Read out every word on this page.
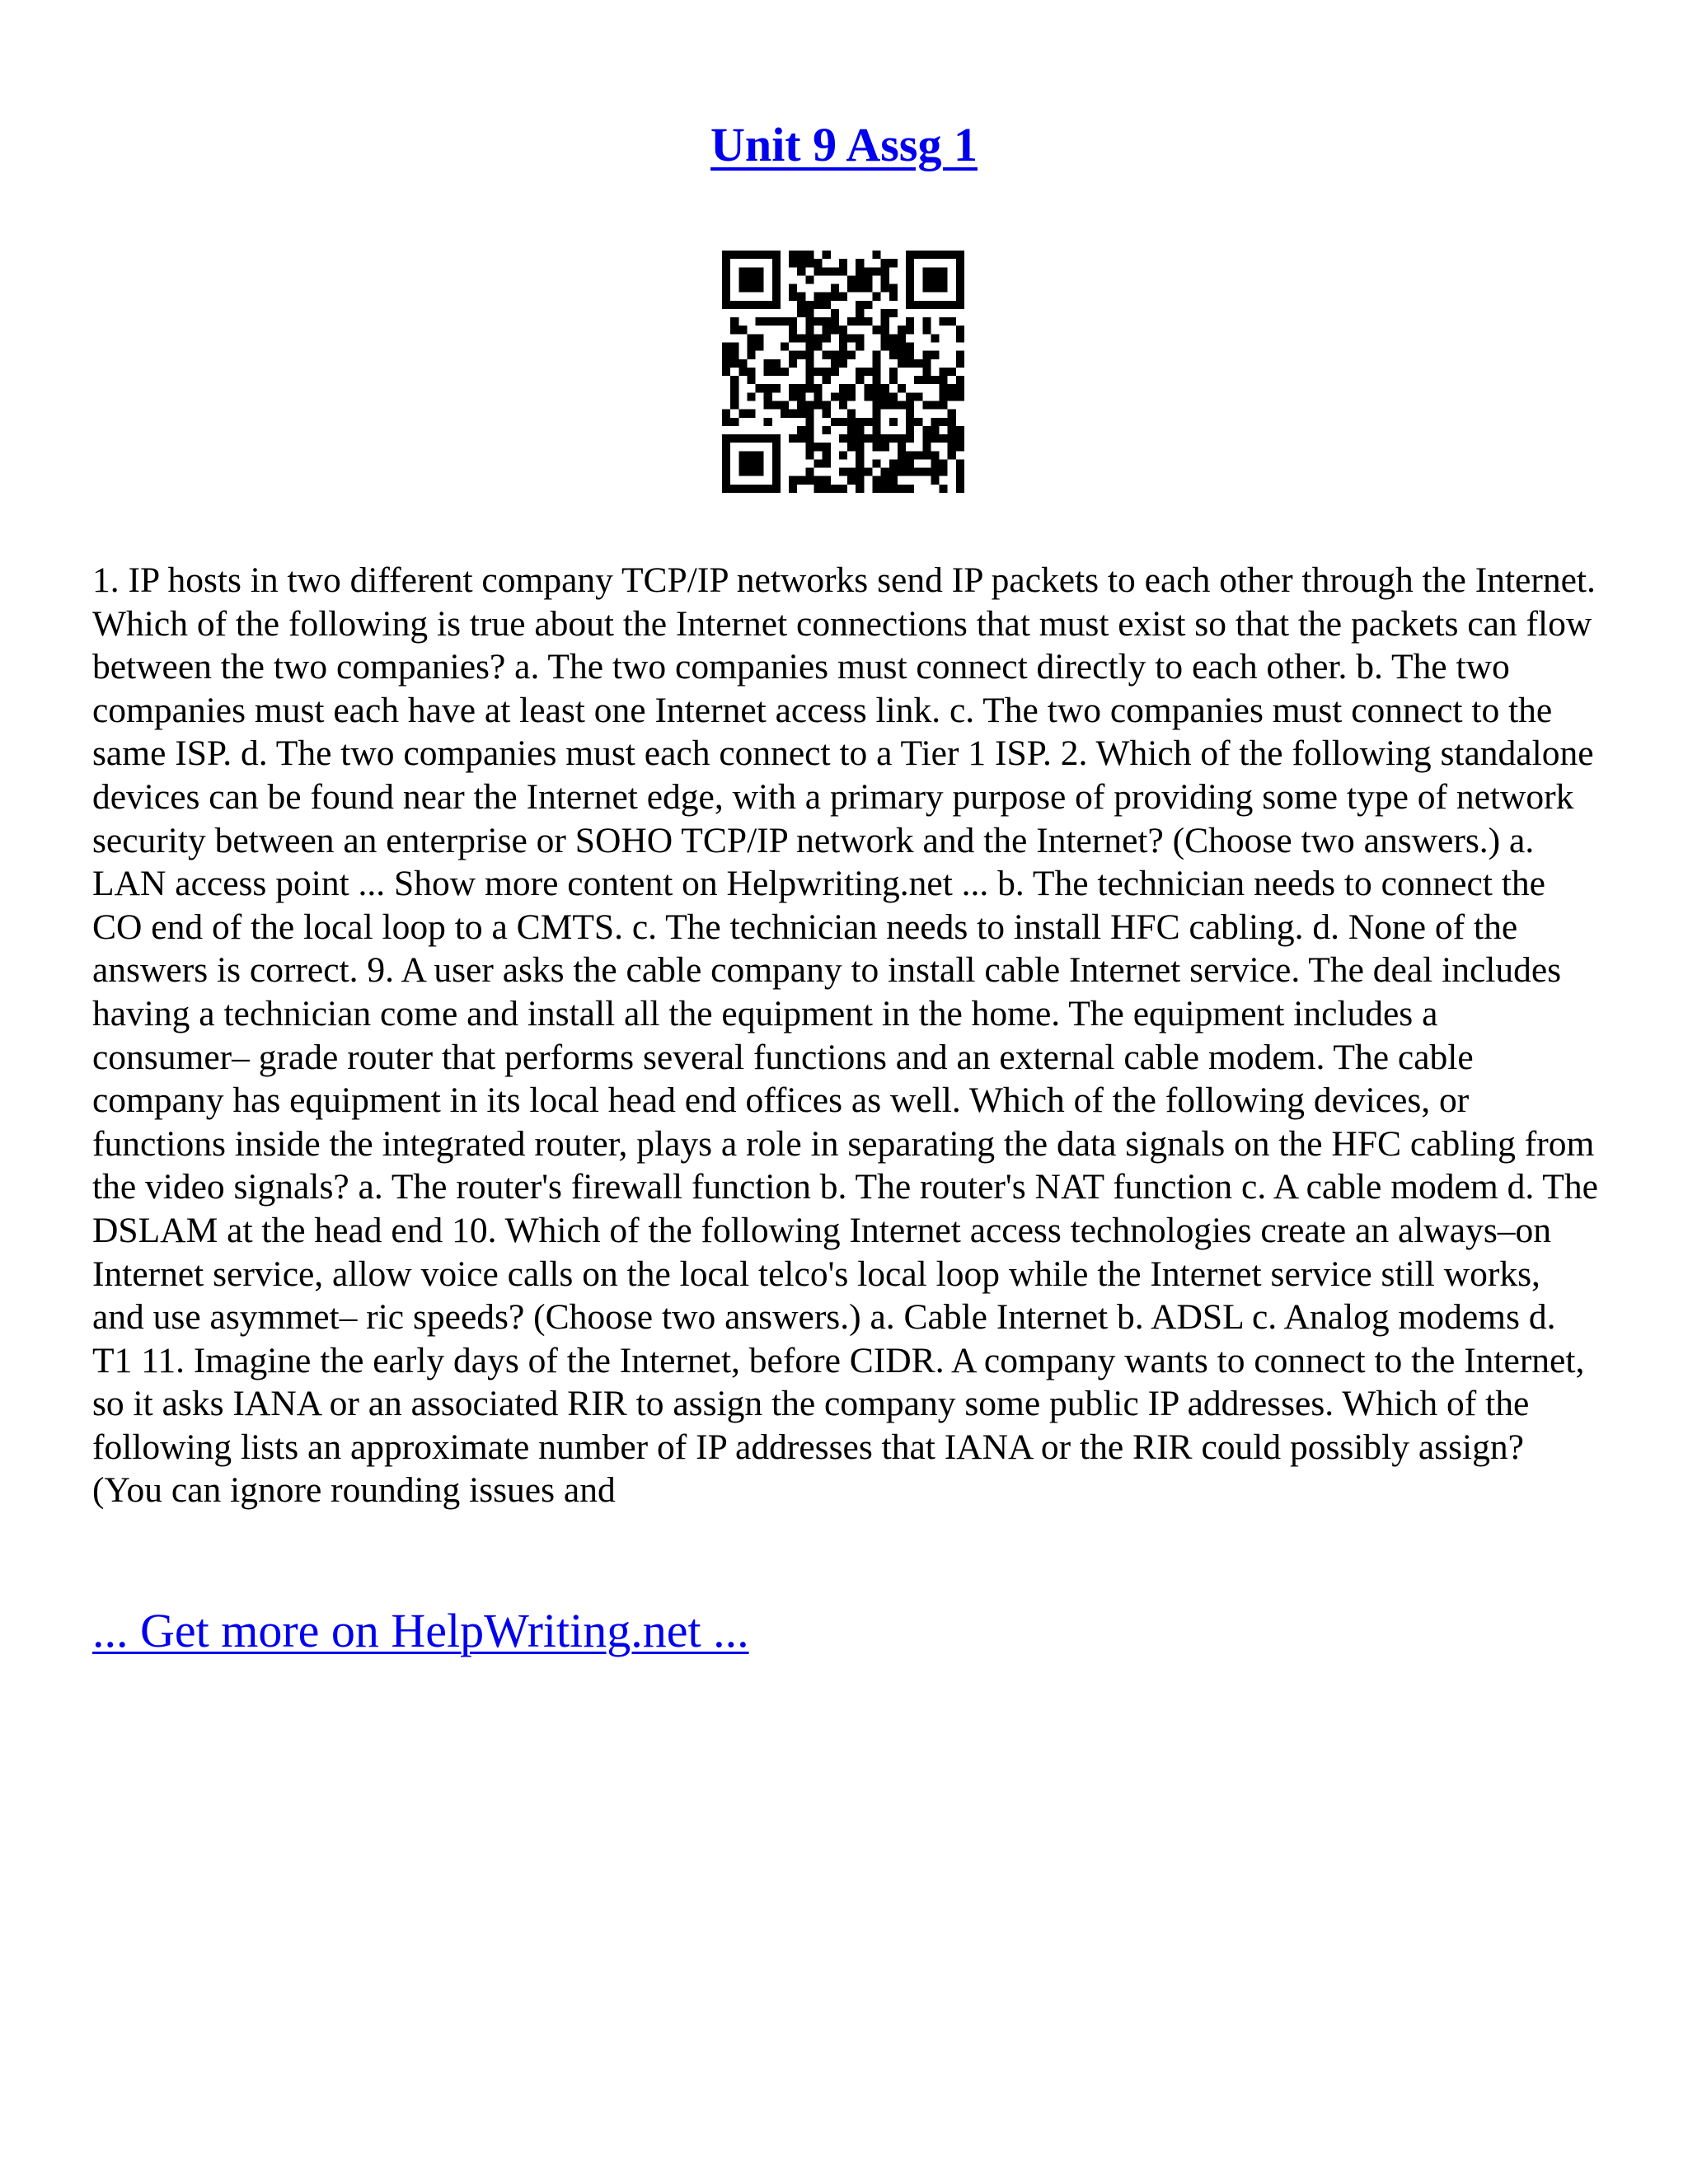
Unit 9 Assg 1

1. IP hosts in two different company TCP/IP networks send IP packets to each other through the Internet. Which of the following is true about the Internet connections that must exist so that the packets can flow between the two companies? a. The two companies must connect directly to each other. b. The two companies must each have at least one Internet access link. c. The two companies must connect to the same ISP. d. The two companies must each connect to a Tier 1 ISP. 2. Which of the following standalone devices can be found near the Internet edge, with a primary purpose of providing some type of network security between an enterprise or SOHO TCP/IP network and the Internet? (Choose two answers.) a. LAN access point ... Show more content on Helpwriting.net ... b. The technician needs to connect the CO end of the local loop to a CMTS. c. The technician needs to install HFC cabling. d. None of the answers is correct. 9. A user asks the cable company to install cable Internet service. The deal includes having a technician come and install all the equipment in the home. The equipment includes a consumer– grade router that performs several functions and an external cable modem. The cable company has equipment in its local head end offices as well. Which of the following devices, or functions inside the integrated router, plays a role in separating the data signals on the HFC cabling from the video signals? a. The router's firewall function b. The router's NAT function c. A cable modem d. The DSLAM at the head end 10. Which of the following Internet access technologies create an always–on Internet service, allow voice calls on the local telco's local loop while the Internet service still works, and use asymmet– ric speeds? (Choose two answers.) a. Cable Internet b. ADSL c. Analog modems d. T1 11. Imagine the early days of the Internet, before CIDR. A company wants to connect to the Internet, so it asks IANA or an associated RIR to assign the company some public IP addresses. Which of the following lists an approximate number of IP addresses that IANA or the RIR could possibly assign? (You can ignore rounding issues and

... Get more on HelpWriting.net ...
